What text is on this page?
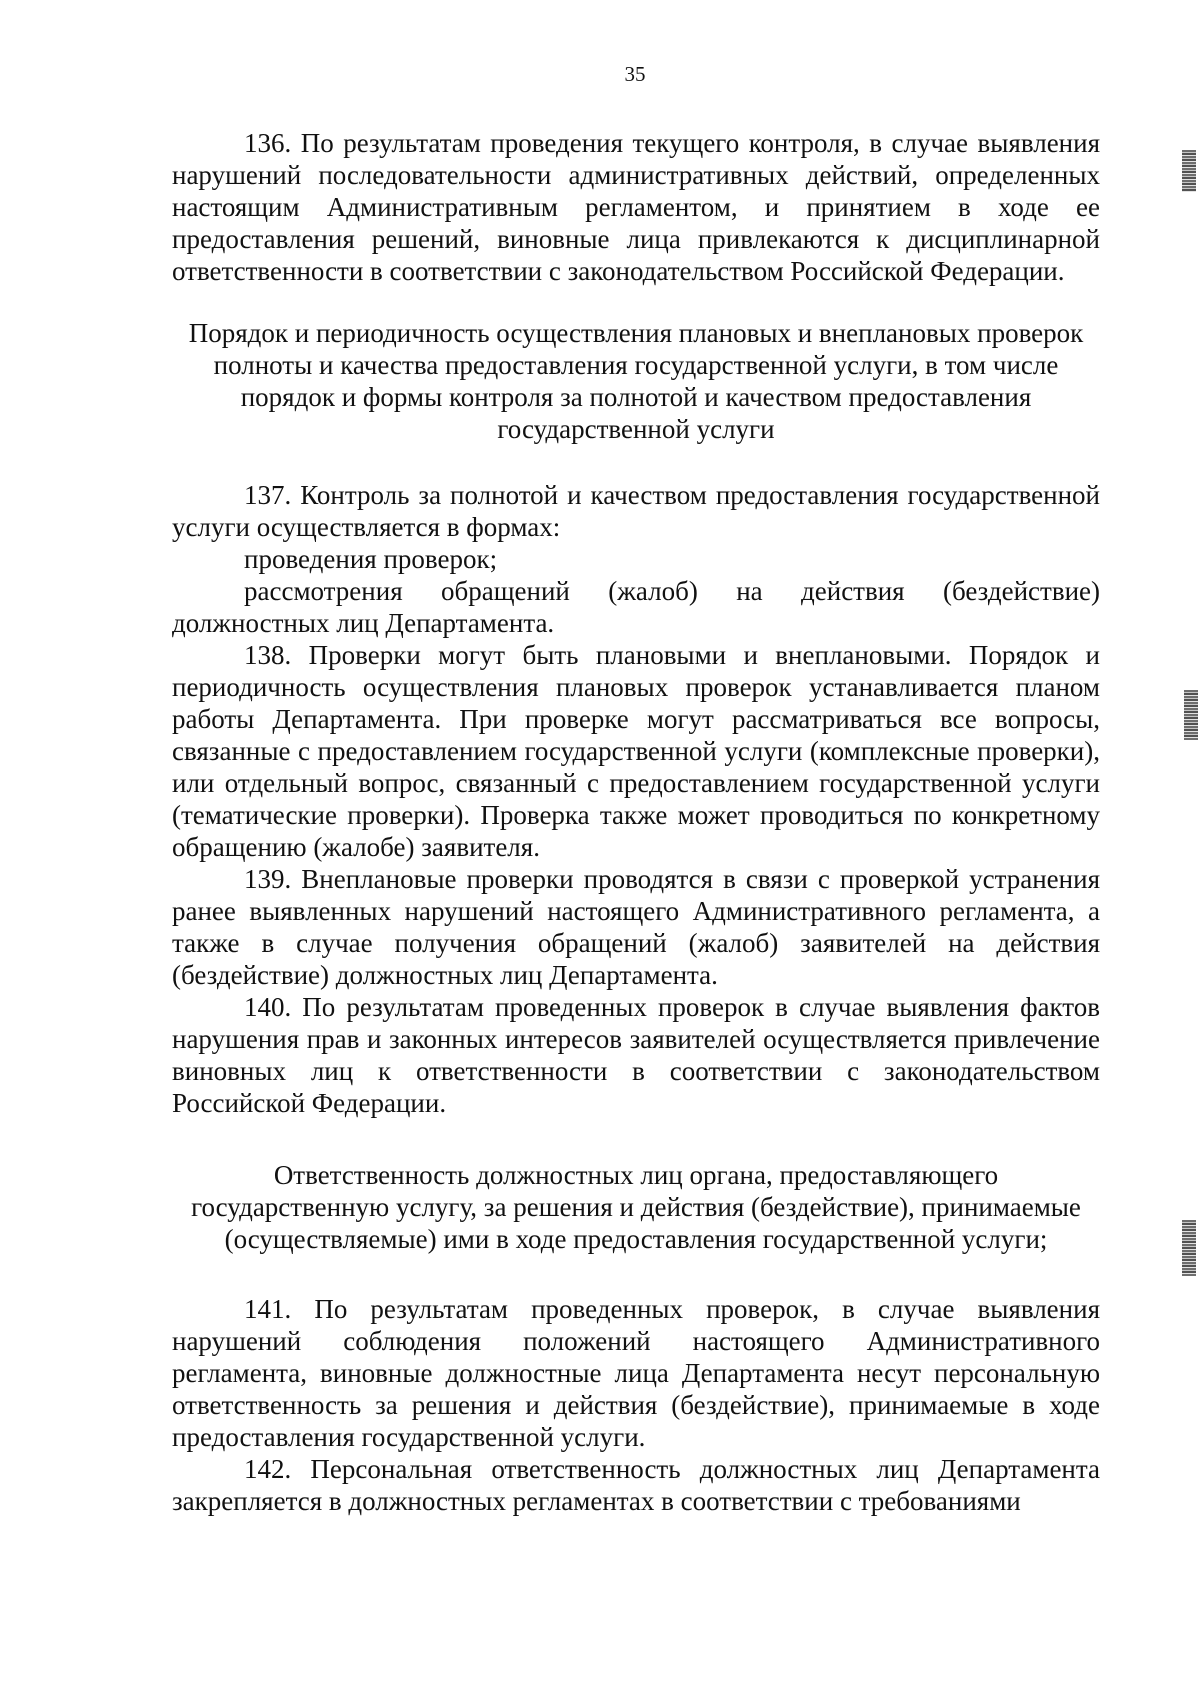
35

136. По результатам проведения текущего контроля, в случае выявления нарушений последовательности административных действий, определенных настоящим Административным регламентом, и принятием в ходе ее предоставления решений, виновные лица привлекаются к дисциплинарной ответственности в соответствии с законодательством Российской Федерации.

Порядок и периодичность осуществления плановых и внеплановых проверок
полноты и качества предоставления государственной услуги, в том числе
порядок и формы контроля за полнотой и качеством предоставления
государственной услуги

137. Контроль за полнотой и качеством предоставления государственной услуги осуществляется в формах:

проведения проверок;

рассмотрения обращений (жалоб) на действия (бездействие) должностных лиц Департамента.

138. Проверки могут быть плановыми и внеплановыми. Порядок и периодичность осуществления плановых проверок устанавливается планом работы Департамента. При проверке могут рассматриваться все вопросы, связанные с предоставлением государственной услуги (комплексные проверки), или отдельный вопрос, связанный с предоставлением государственной услуги (тематические проверки). Проверка также может проводиться по конкретному обращению (жалобе) заявителя.

139. Внеплановые проверки проводятся в связи с проверкой устранения ранее выявленных нарушений настоящего Административного регламента, а также в случае получения обращений (жалоб) заявителей на действия (бездействие) должностных лиц Департамента.

140. По результатам проведенных проверок в случае выявления фактов нарушения прав и законных интересов заявителей осуществляется привлечение виновных лиц к ответственности в соответствии с законодательством Российской Федерации.

Ответственность должностных лиц органа, предоставляющего
государственную услугу, за решения и действия (бездействие), принимаемые
(осуществляемые) ими в ходе предоставления государственной услуги;

141. По результатам проведенных проверок, в случае выявления нарушений соблюдения положений настоящего Административного регламента, виновные должностные лица Департамента несут персональную ответственность за решения и действия (бездействие), принимаемые в ходе предоставления государственной услуги.

142. Персональная ответственность должностных лиц Департамента закрепляется в должностных регламентах в соответствии с требованиями
